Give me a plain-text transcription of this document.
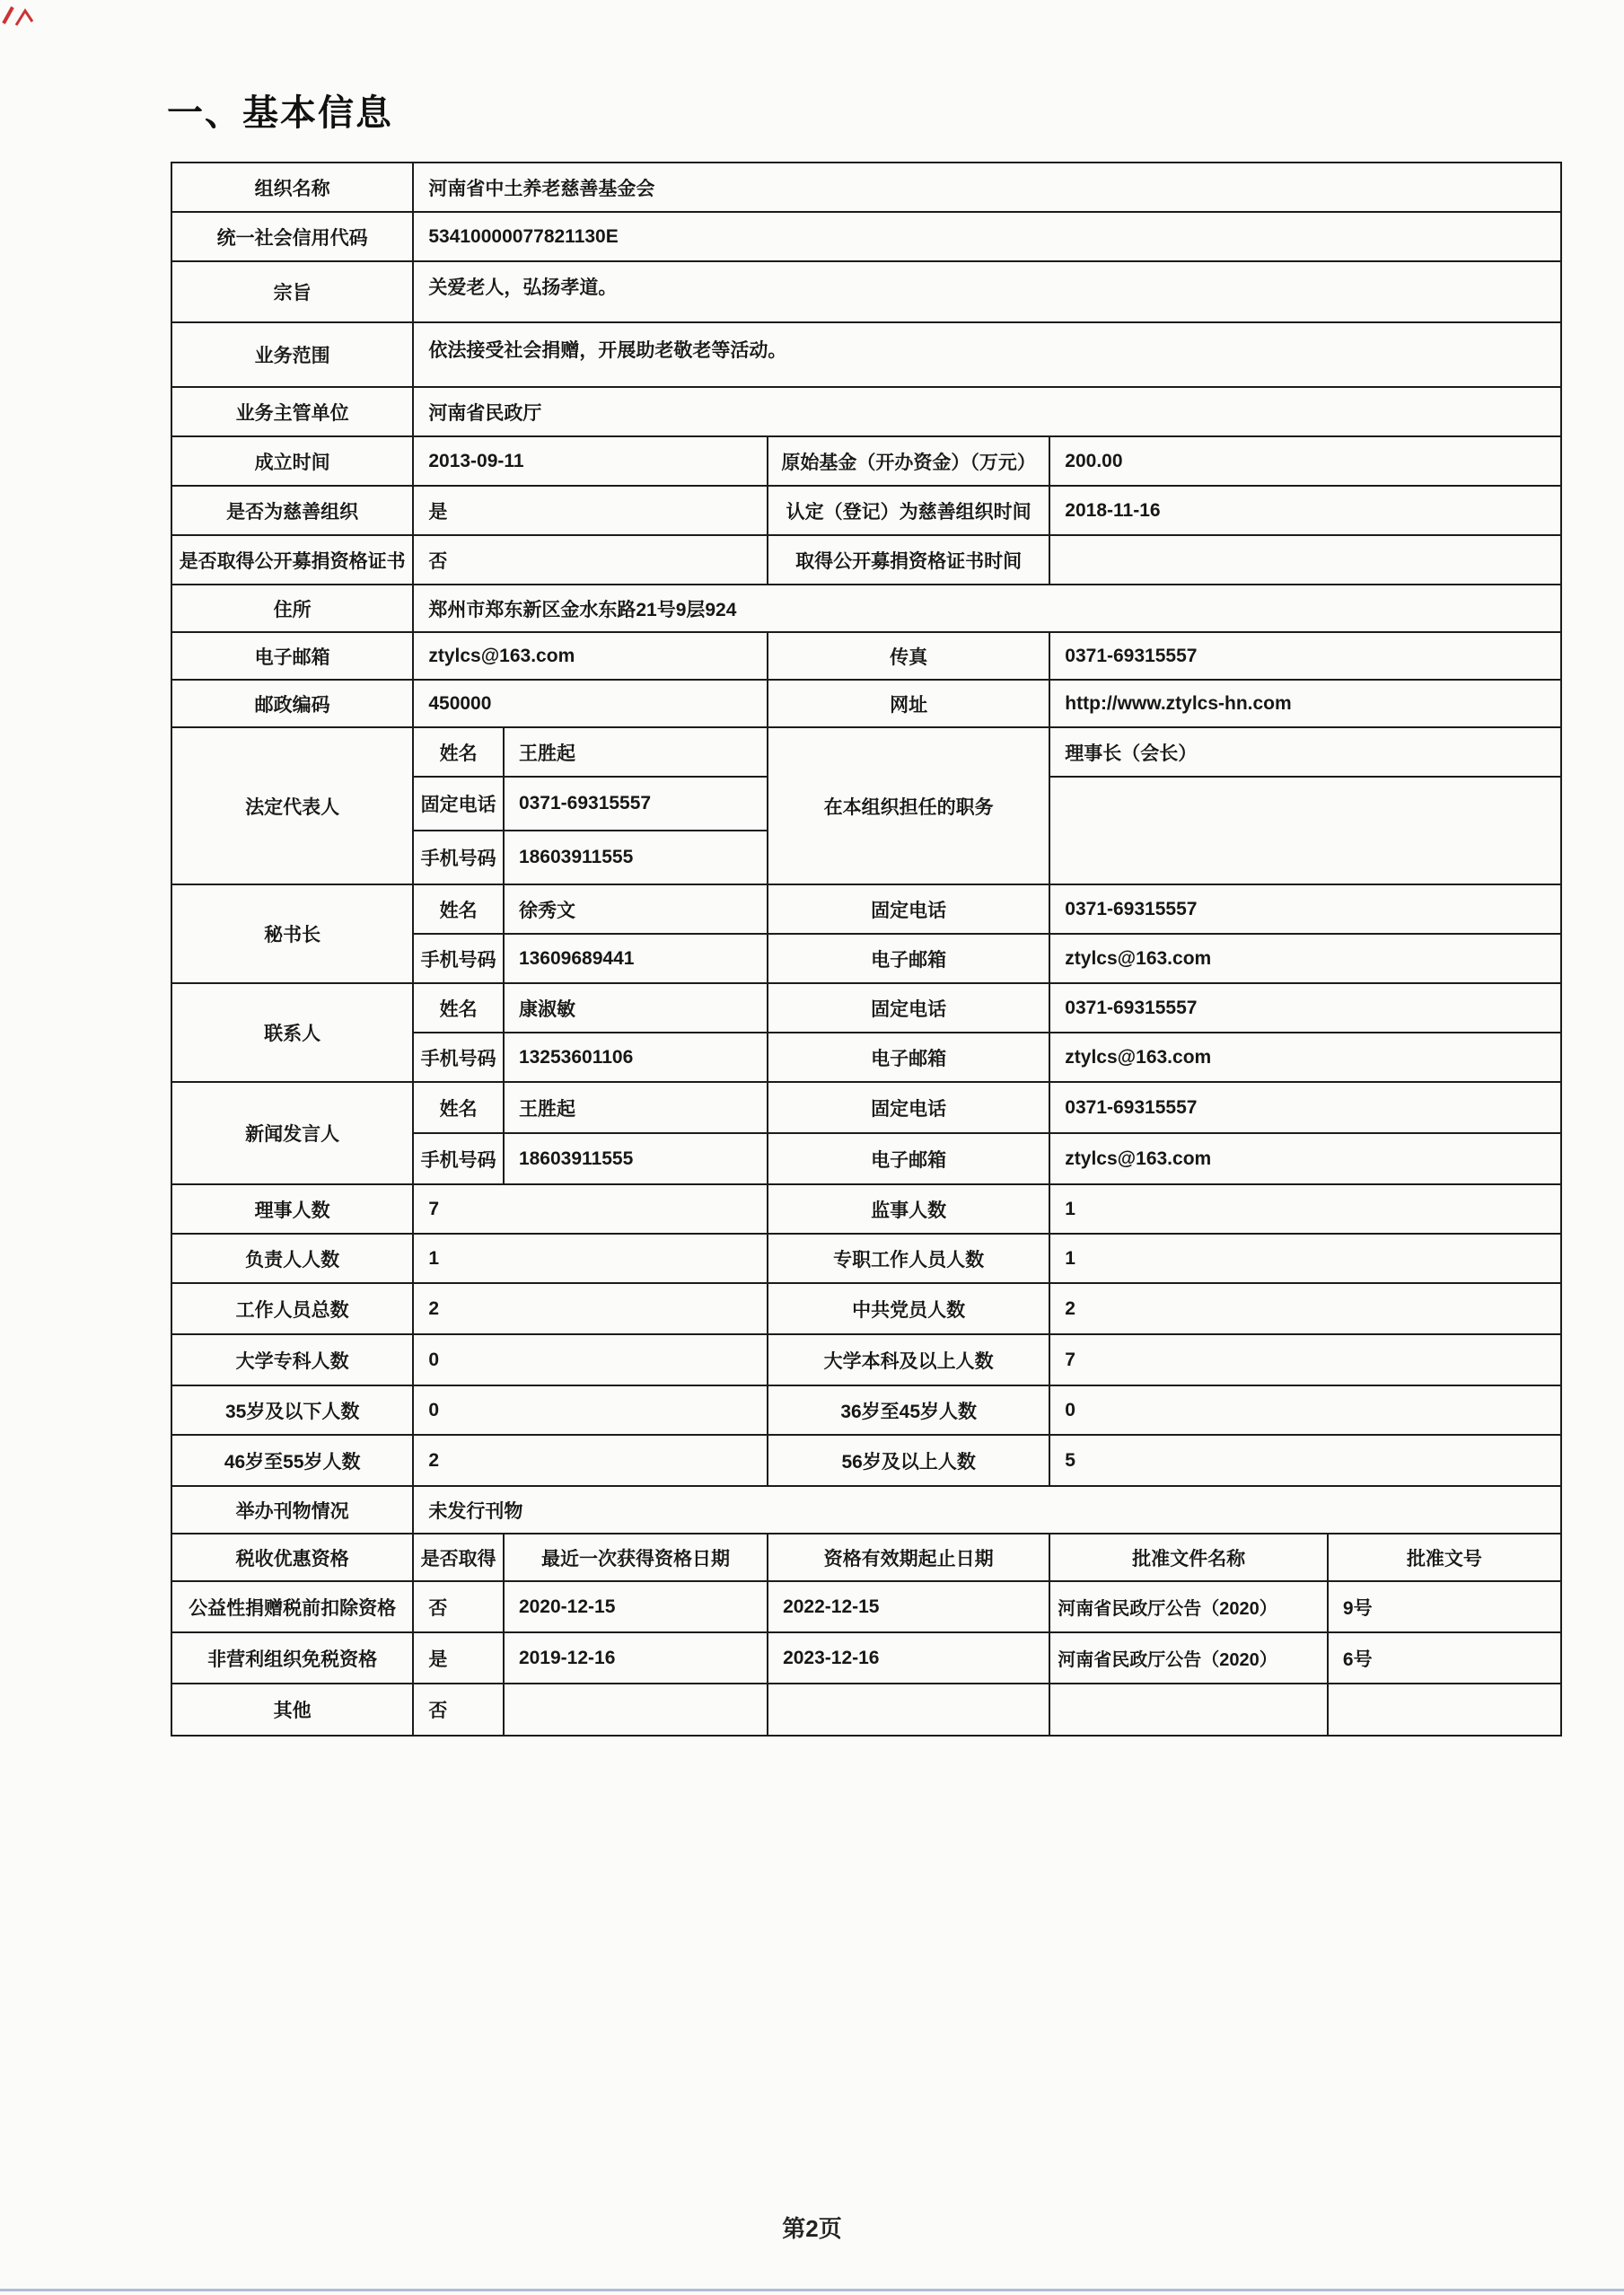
一、基本信息
组织名称	河南省中土养老慈善基金会				
统一社会信用代码	53410000077821130E				
宗旨	关爱老人，弘扬孝道。				
业务范围	依法接受社会捐赠，开展助老敬老等活动。				
业务主管单位	河南省民政厅				
成立时间	2013-09-11		原始基金（开办资金）（万元）	200.00	
是否为慈善组织	是		认定（登记）为慈善组织时间	2018-11-16	
是否取得公开募捐资格证书	否		取得公开募捐资格证书时间		
住所	郑州市郑东新区金水东路21号9层924				
电子邮箱	ztylcs@163.com		传真	0371-69315557	
邮政编码	450000		网址	http://www.ztylcs-hn.com	
法定代表人	姓名	王胜起	在本组织担任的职务	理事长（会长）	
	固定电话	0371-69315557			
	手机号码	18603911555			
秘书长	姓名	徐秀文	固定电话	0371-69315557	
	手机号码	13609689441	电子邮箱	ztylcs@163.com	
联系人	姓名	康淑敏	固定电话	0371-69315557	
	手机号码	13253601106	电子邮箱	ztylcs@163.com	
新闻发言人	姓名	王胜起	固定电话	0371-69315557	
	手机号码	18603911555	电子邮箱	ztylcs@163.com	
理事人数	7		监事人数	1	
负责人人数	1		专职工作人员人数	1	
工作人员总数	2		中共党员人数	2	
大学专科人数	0		大学本科及以上人数	7	
35岁及以下人数	0		36岁至45岁人数	0	
46岁至55岁人数	2		56岁及以上人数	5	
举办刊物情况	未发行刊物				
税收优惠资格	是否取得	最近一次获得资格日期	资格有效期起止日期	批准文件名称	批准文号
公益性捐赠税前扣除资格	否	2020-12-15	2022-12-15	河南省民政厅公告（2020）	9号
非营利组织免税资格	是	2019-12-16	2023-12-16	河南省民政厅公告（2020）	6号
其他	否				
第2页
